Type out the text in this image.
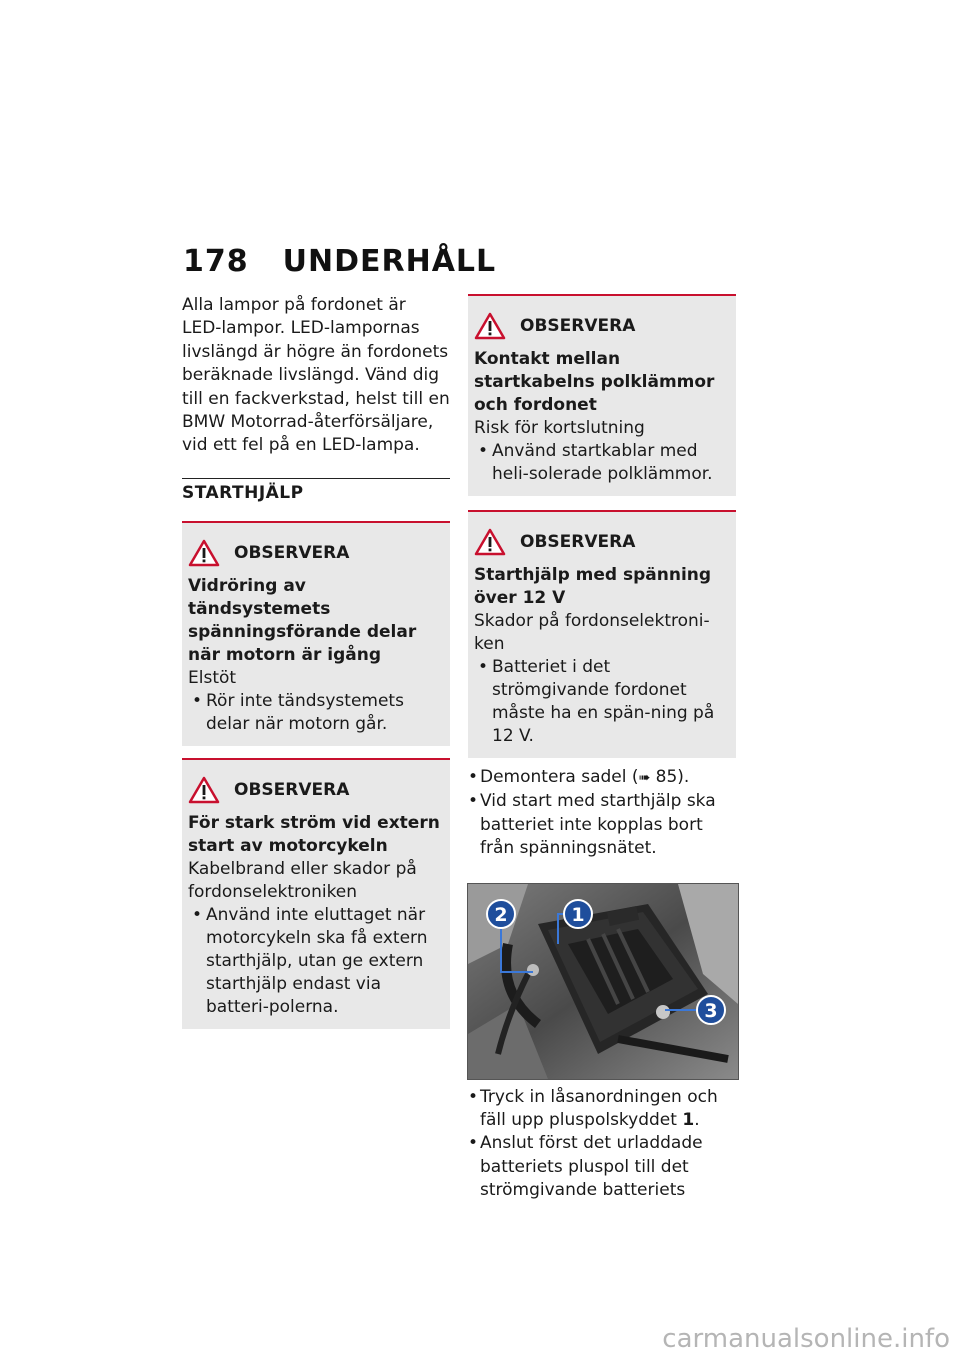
178 UNDERHÅLL

Alla lampor på fordonet är LED-lampor. LED-lampornas livslängd är högre än fordonets beräknade livslängd. Vänd dig till en fackverkstad, helst till en BMW Motorrad-återförsäljare, vid ett fel på en LED-lampa.

STARTHJÄLP

OBSERVERA

Vidröring av tändsystemets spänningsförande delar när motorn är igång

Elstöt

• Rör inte tändsystemets delar när motorn går.

OBSERVERA

För stark ström vid extern start av motorcykeln

Kabelbrand eller skador på fordonselektroniken

• Använd inte eluttaget när motorcykeln ska få extern starthjälp, utan ge extern starthjälp endast via batteri-polerna.

OBSERVERA

Kontakt mellan startkabelns polklämmor och fordonet

Risk för kortslutning

• Använd startkablar med heli-solerade polklämmor.

OBSERVERA

Starthjälp med spänning över 12 V

Skador på fordonselektroni-ken

• Batteriet i det strömgivande fordonet måste ha en spän-ning på 12 V.

• Demontera sadel (➠ 85).

• Vid start med starthjälp ska batteriet inte kopplas bort från spänningsnätet.

2	1
3

• Tryck in låsanordningen och fäll upp pluspolskyddet 1.

• Anslut först det urladdade batteriets pluspol till det strömgivande batteriets

carmanualsonline.info
